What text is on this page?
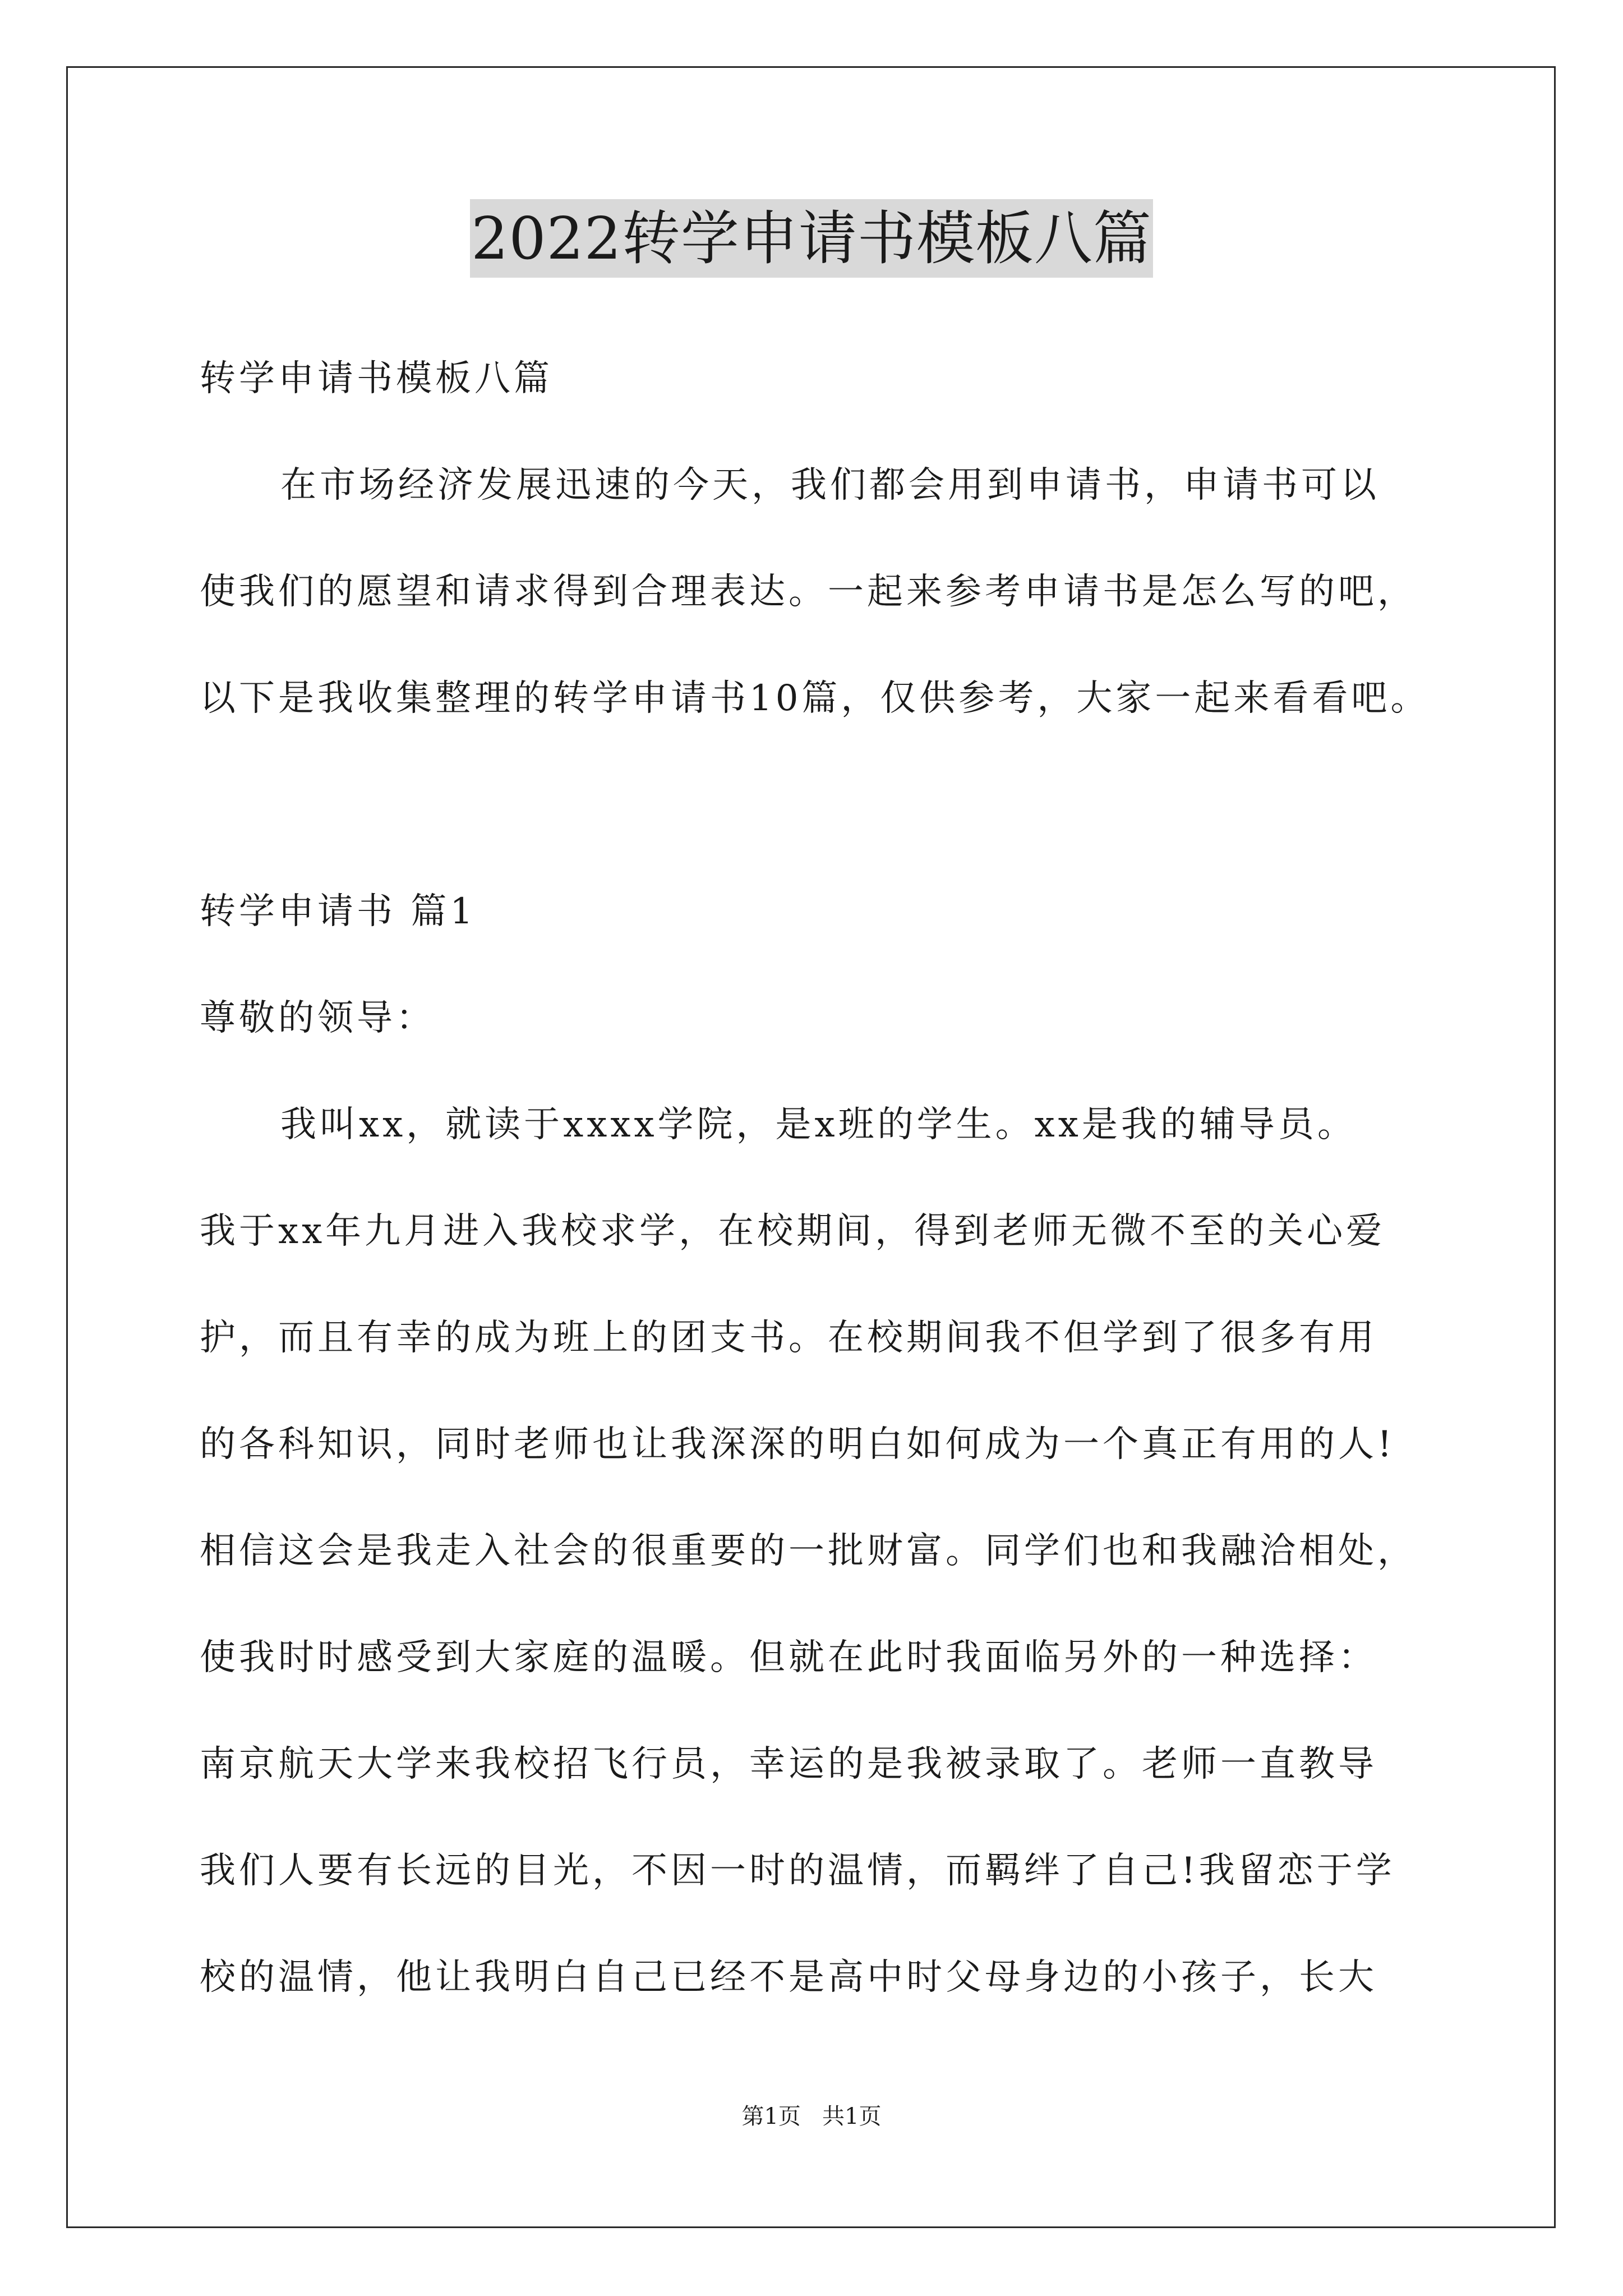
2022转学申请书模板八篇
转学申请书模板八篇
在市场经济发展迅速的今天，我们都会用到申请书，申请书可以
使我们的愿望和请求得到合理表达。一起来参考申请书是怎么写的吧，
以下是我收集整理的转学申请书10篇，仅供参考，大家一起来看看吧。
转学申请书 篇1
尊敬的领导：
我叫xx，就读于xxxx学院，是x班的学生。xx是我的辅导员。
我于xx年九月进入我校求学，在校期间，得到老师无微不至的关心爱
护，而且有幸的成为班上的团支书。在校期间我不但学到了很多有用
的各科知识，同时老师也让我深深的明白如何成为一个真正有用的人!
相信这会是我走入社会的很重要的一批财富。同学们也和我融洽相处，
使我时时感受到大家庭的温暖。但就在此时我面临另外的一种选择：
南京航天大学来我校招飞行员，幸运的是我被录取了。老师一直教导
我们人要有长远的目光，不因一时的温情，而羁绊了自己!我留恋于学
校的温情，他让我明白自己已经不是高中时父母身边的小孩子，长大
第1页   共1页
